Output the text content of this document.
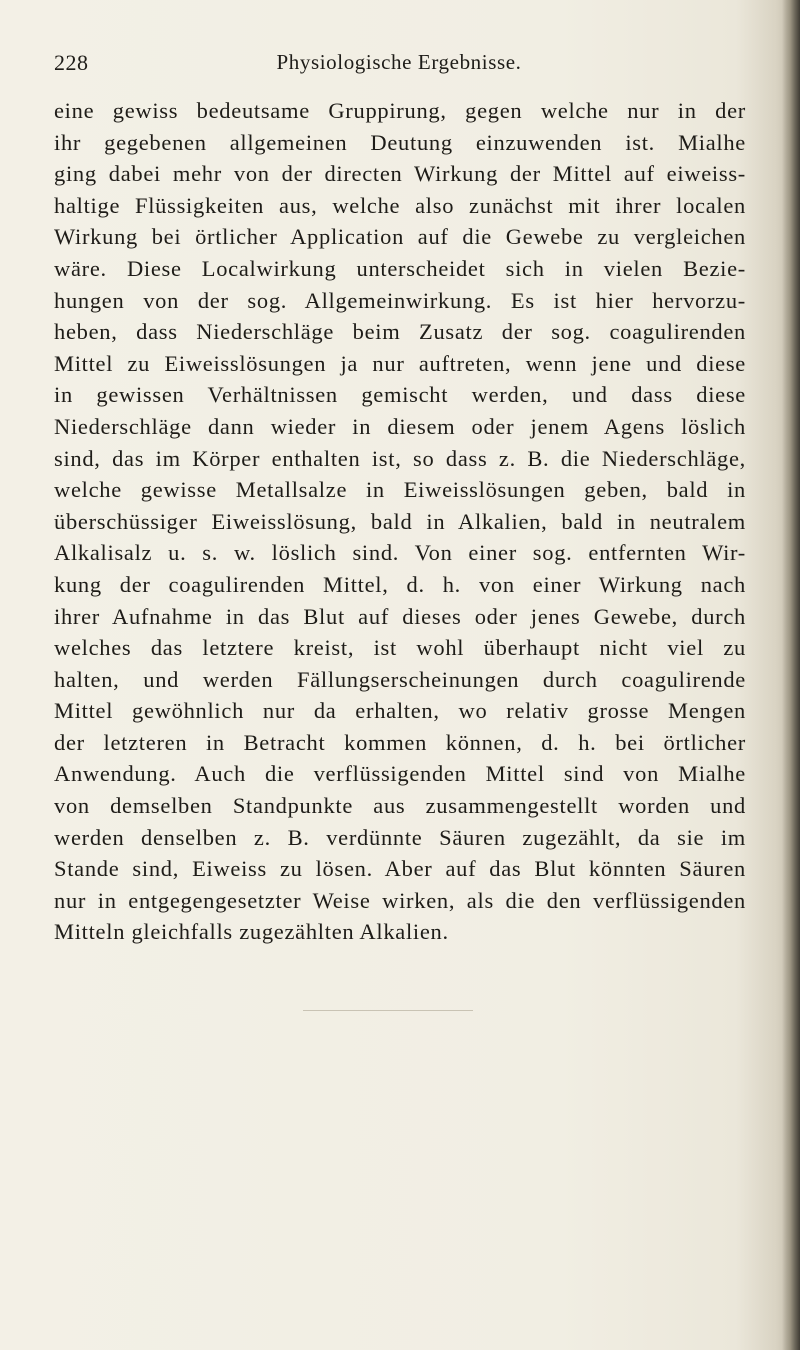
228	Physiologische Ergebnisse.
eine gewiss bedeutsame Gruppirung, gegen welche nur in der
ihr gegebenen allgemeinen Deutung einzuwenden ist. Mialhe
ging dabei mehr von der directen Wirkung der Mittel auf eiweiss-
haltige Flüssigkeiten aus, welche also zunächst mit ihrer localen
Wirkung bei örtlicher Application auf die Gewebe zu vergleichen
wäre. Diese Localwirkung unterscheidet sich in vielen Bezie-
hungen von der sog. Allgemeinwirkung. Es ist hier hervorzu-
heben, dass Niederschläge beim Zusatz der sog. coagulirenden
Mittel zu Eiweisslösungen ja nur auftreten, wenn jene und diese
in gewissen Verhältnissen gemischt werden, und dass diese
Niederschläge dann wieder in diesem oder jenem Agens löslich
sind, das im Körper enthalten ist, so dass z. B. die Niederschläge,
welche gewisse Metallsalze in Eiweisslösungen geben, bald in
überschüssiger Eiweisslösung, bald in Alkalien, bald in neutralem
Alkalisalz u. s. w. löslich sind. Von einer sog. entfernten Wir-
kung der coagulirenden Mittel, d. h. von einer Wirkung nach
ihrer Aufnahme in das Blut auf dieses oder jenes Gewebe, durch
welches das letztere kreist, ist wohl überhaupt nicht viel zu
halten, und werden Fällungserscheinungen durch coagulirende
Mittel gewöhnlich nur da erhalten, wo relativ grosse Mengen
der letzteren in Betracht kommen können, d. h. bei örtlicher
Anwendung. Auch die verflüssigenden Mittel sind von Mialhe
von demselben Standpunkte aus zusammengestellt worden und
werden denselben z. B. verdünnte Säuren zugezählt, da sie im
Stande sind, Eiweiss zu lösen. Aber auf das Blut könnten Säuren
nur in entgegengesetzter Weise wirken, als die den verflüssigenden
Mitteln gleichfalls zugezählten Alkalien.
